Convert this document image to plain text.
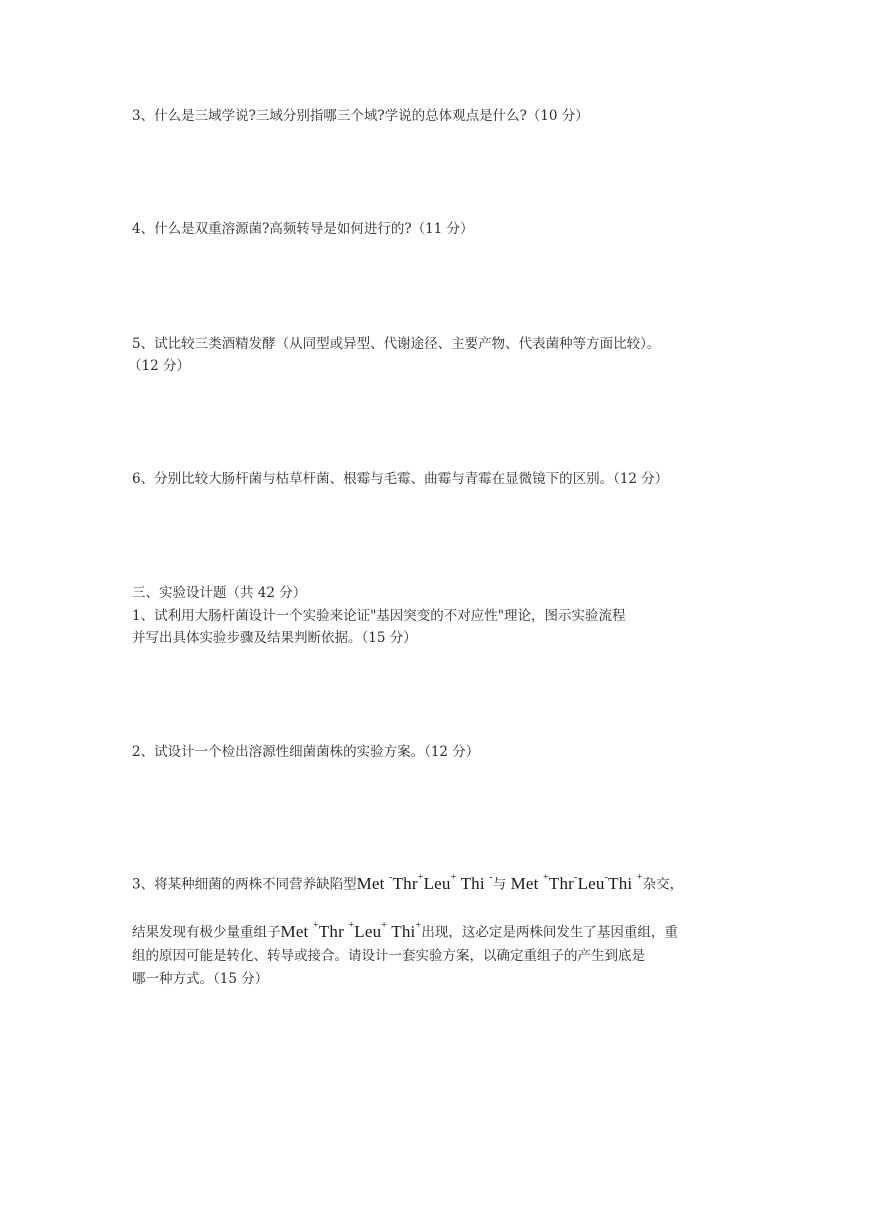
3、什么是三域学说?三域分别指哪三个域?学说的总体观点是什么?（10 分）
4、什么是双重溶源菌?高频转导是如何进行的?（11 分）
5、试比较三类酒精发酵（从同型或异型、代谢途径、主要产物、代表菌种等方面比较）。
（12 分）
6、分别比较大肠杆菌与枯草杆菌、根霉与毛霉、曲霉与青霉在显微镜下的区别。（12 分）
三、实验设计题（共 42 分）
1、试利用大肠杆菌设计一个实验来论证"基因突变的不对应性"理论，图示实验流程
并写出具体实验步骤及结果判断依据。（15 分）
2、试设计一个检出溶源性细菌菌株的实验方案。（12 分）
3、将某种细菌的两株不同营养缺陷型Met -Thr+Leu+ Thi -与 Met +Thr-Leu-Thi +杂交，
结果发现有极少量重组子Met +Thr +Leu+ Thi+出现，这必定是两株间发生了基因重组，重
组的原因可能是转化、转导或接合。请设计一套实验方案，以确定重组子的产生到底是
哪一种方式。（15 分）
